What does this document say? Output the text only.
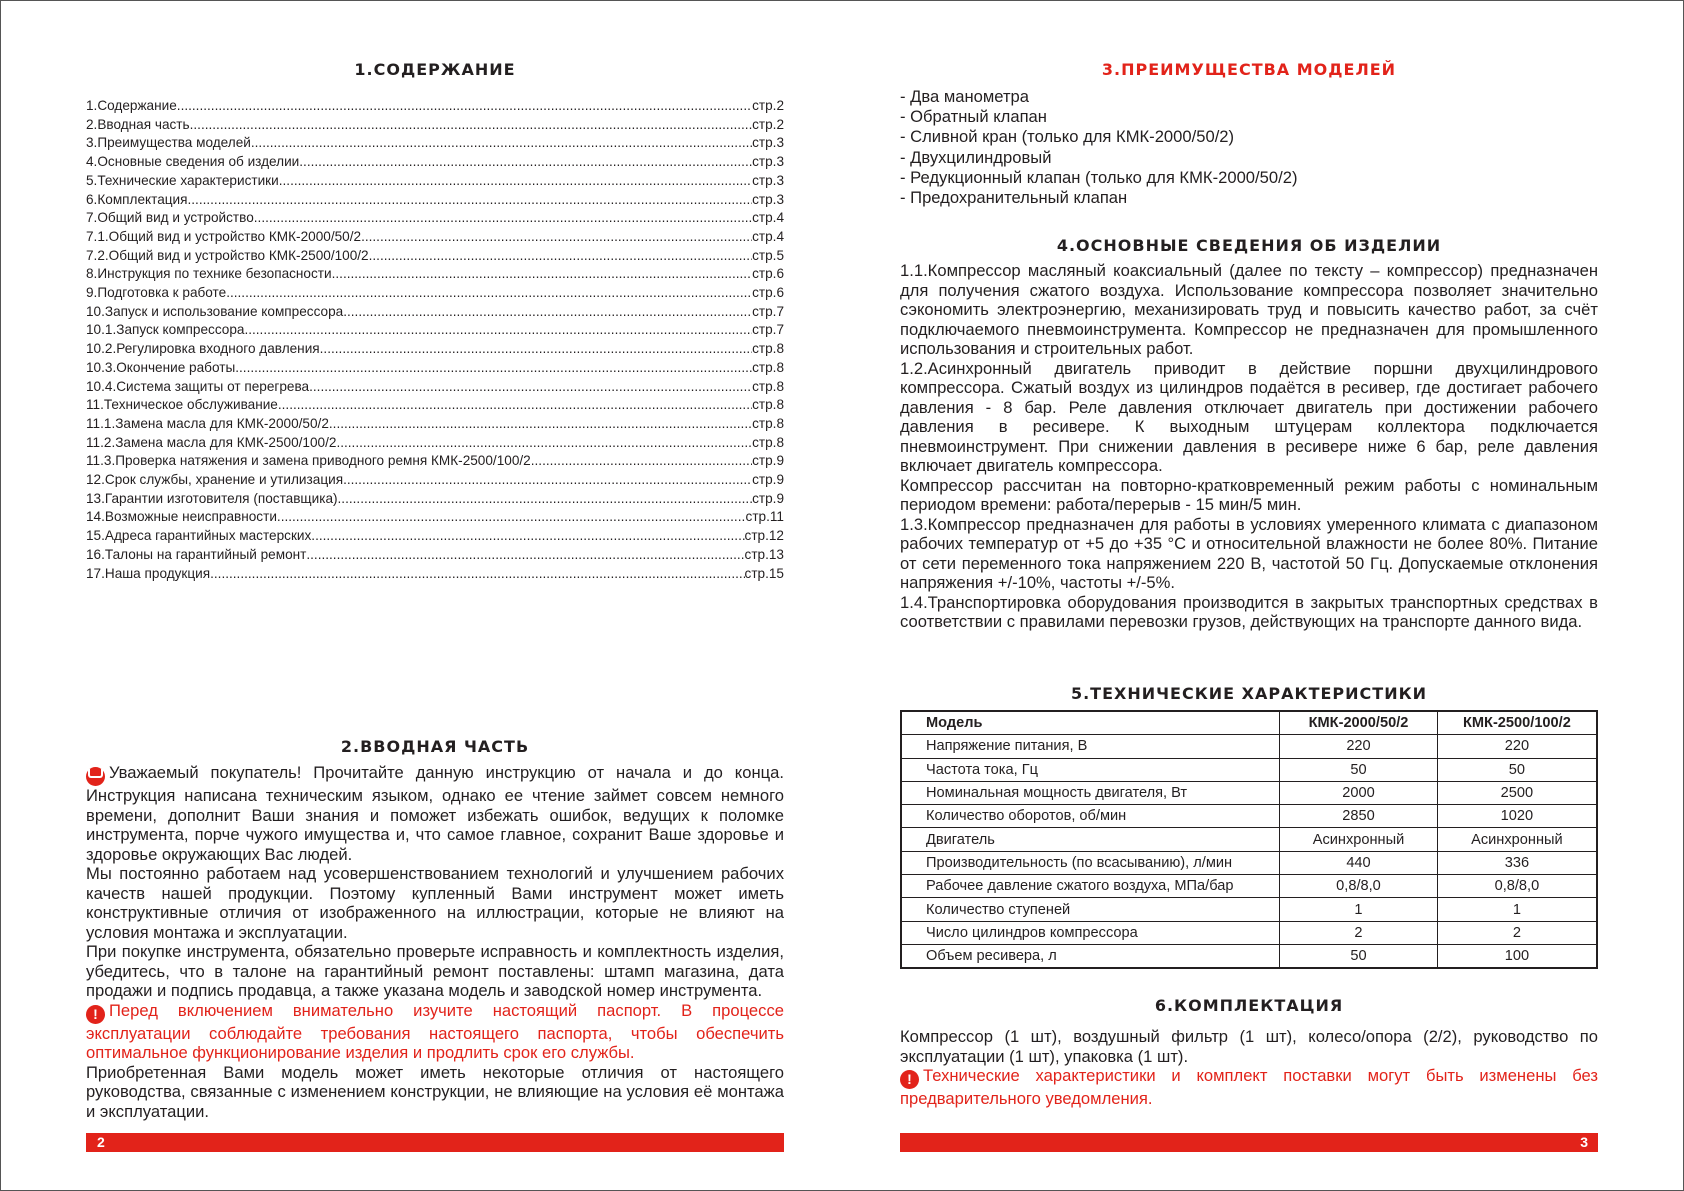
1.СОДЕРЖАНИЕ
1.Содержание .....	стр.2
2.Вводная часть .....	стр.2
3.Преимущества моделей .....	стр.3
4.Основные сведения об изделии .....	стр.3
5.Технические характеристики .....	стр.3
6.Комплектация .....	стр.3
7.Общий вид и устройство .....	стр.4
7.1.Общий вид и устройство КМК-2000/50/2 .....	стр.4
7.2.Общий вид и устройство КМК-2500/100/2 .....	стр.5
8.Инструкция по технике безопасности .....	стр.6
9.Подготовка к работе .....	стр.6
10.Запуск и использование компрессора .....	стр.7
10.1.Запуск компрессора .....	стр.7
10.2.Регулировка входного давления .....	стр.8
10.3.Окончение работы .....	стр.8
10.4.Система защиты от перегрева .....	стр.8
11.Техническое обслуживание .....	стр.8
11.1.Замена масла для КМК-2000/50/2 .....	стр.8
11.2.Замена масла для КМК-2500/100/2 .....	стр.8
11.3.Проверка натяжения и замена приводного ремня КМК-2500/100/2 .....	стр.9
12.Срок службы, хранение и утилизация .....	стр.9
13.Гарантии изготовителя (поставщика) .....	стр.9
14.Возможные неисправности .....	стр.11
15.Адреса гарантийных мастерских .....	стр.12
16.Талоны на гарантийный ремонт .....	стр.13
17.Наша продукция .....	стр.15
2.ВВОДНАЯ ЧАСТЬ

Уважаемый покупатель! Прочитайте данную инструкцию от начала и до конца. Инструкция написана техническим языком, однако ее чтение займет совсем немного времени, дополнит Ваши знания и поможет избежать ошибок, ведущих к поломке инструмента, порче чужого имущества и, что самое главное, сохранит Ваше здоровье и здоровье окружающих Вас людей.

Мы постоянно работаем над усовершенствованием технологий и улучшением рабочих качеств нашей продукции. Поэтому купленный Вами инструмент может иметь конструктивные отличия от изображенного на иллюстрации, которые не влияют на условия монтажа и эксплуатации.

При покупке инструмента, обязательно проверьте исправность и комплектность изделия, убедитесь, что в талоне на гарантийный ремонт поставлены: штамп магазина, дата продажи и подпись продавца, а также указана модель и заводской номер инструмента.

! Перед включением внимательно изучите настоящий паспорт. В процессе эксплуатации соблюдайте требования настоящего паспорта, чтобы обеспечить оптимальное функционирование изделия и продлить срок его службы.

Приобретенная Вами модель может иметь некоторые отличия от настоящего руководства, связанные с изменением конструкции, не влияющие на условия её монтажа и эксплуатации.

2
3.ПРЕИМУЩЕСТВА МОДЕЛЕЙ
- Два манометра
- Обратный клапан
- Сливной кран (только для КМК-2000/50/2)
- Двухцилиндровый
- Редукционный клапан (только для КМК-2000/50/2)
- Предохранительный клапан
4.ОСНОВНЫЕ СВЕДЕНИЯ ОБ ИЗДЕЛИИ

1.1.Компрессор масляный коаксиальный (далее по тексту – компрессор) предназначен для получения сжатого воздуха. Использование компрессора позволяет значительно сэкономить электроэнергию, механизировать труд и повысить качество работ, за счёт подключаемого пневмоинструмента. Компрессор не предназначен для промышленного использования и строительных работ.

1.2.Асинхронный двигатель приводит в действие поршни двухцилиндрового компрессора. Сжатый воздух из цилиндров подаётся в ресивер, где достигает рабочего давления - 8 бар. Реле давления отключает двигатель при достижении рабочего давления в ресивере. К выходным штуцерам коллектора подключается пневмоинструмент. При снижении давления в ресивере ниже 6 бар, реле давления включает двигатель компрессора.

Компрессор рассчитан на повторно-кратковременный режим работы с номинальным периодом времени: работа/перерыв - 15 мин/5 мин.

1.3.Компрессор предназначен для работы в условиях умеренного климата с диапазоном рабочих температур от +5 до +35 °С и относительной влажности не более 80%. Питание от сети переменного тока напряжением 220 В, частотой 50 Гц. Допускаемые отклонения напряжения +/-10%, частоты +/-5%.

1.4.Транспортировка оборудования производится в закрытых транспортных средствах в соответствии с правилами перевозки грузов, действующих на транспорте данного вида.

5.ТЕХНИЧЕСКИЕ ХАРАКТЕРИСТИКИ
Модель	КМК-2000/50/2	КМК-2500/100/2
Напряжение питания, В	220	220
Частота тока, Гц	50	50
Номинальная мощность двигателя, Вт	2000	2500
Количество оборотов, об/мин	2850	1020
Двигатель	Асинхронный	Асинхронный
Производительность (по всасыванию), л/мин	440	336
Рабочее давление сжатого воздуха, МПа/бар	0,8/8,0	0,8/8,0
Количество ступеней	1	1
Число цилиндров компрессора	2	2
Объем ресивера, л	50	100
6.КОМПЛЕКТАЦИЯ

Компрессор (1 шт), воздушный фильтр (1 шт), колесо/опора (2/2), руководство по эксплуатации (1 шт), упаковка (1 шт).

! Технические характеристики и комплект поставки могут быть изменены без предварительного уведомления.

3
